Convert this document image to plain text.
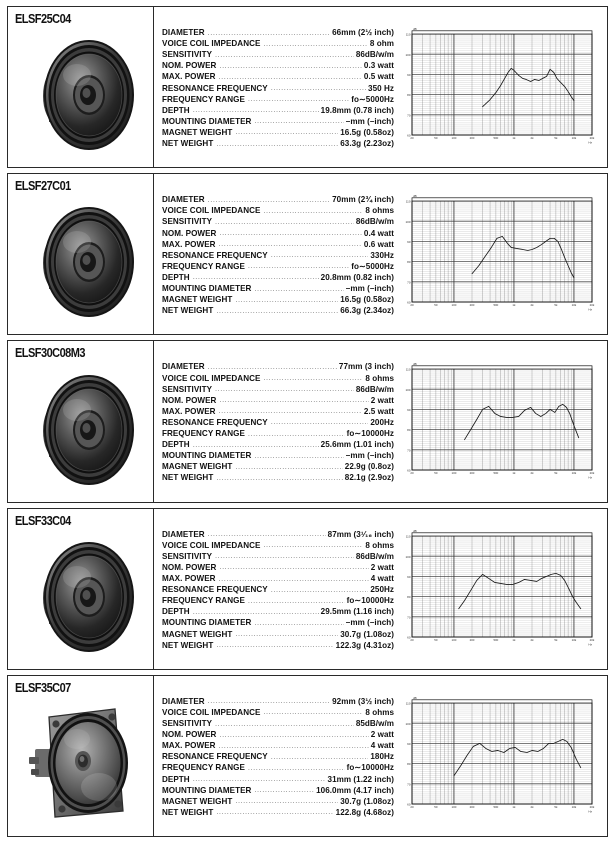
ELSF25C04
DIAMETER .....	66mm (2½ inch)
VOICE COIL IMPEDANCE .....	8 ohm
SENSITIVITY .....	86dB/w/m
NOM. POWER .....	0.3 watt
MAX. POWER .....	0.5 watt
RESONANCE FREQUENCY .....	350 Hz
FREQUENCY RANGE .....	fo∼5000Hz
DEPTH .....	19.8mm (0.78 inch)
MOUNTING DIAMETER .....	–mm (–inch)
MAGNET WEIGHT .....	16.5g (0.58oz)
NET WEIGHT .....	63.3g (2.23oz)
60
70
80
90
100
110
20	50	100	200	500	1k	2k	5k	10k	20k
dB
Hz
ELSF27C01
DIAMETER .....	70mm (2¾ inch)
VOICE COIL IMPEDANCE .....	8 ohms
SENSITIVITY .....	86dB/w/m
NOM. POWER .....	0.4 watt
MAX. POWER .....	0.6 watt
RESONANCE FREQUENCY .....	330Hz
FREQUENCY RANGE .....	fo∼5000Hz
DEPTH .....	20.8mm (0.82 inch)
MOUNTING DIAMETER .....	–mm (–inch)
MAGNET WEIGHT .....	16.5g (0.58oz)
NET WEIGHT .....	66.3g (2.34oz)
60
70
80
90
100
110
20	50	100	200	500	1k	2k	5k	10k	20k
dB
Hz
ELSF30C08M3
DIAMETER .....	77mm (3 inch)
VOICE COIL IMPEDANCE .....	8 ohms
SENSITIVITY .....	86dB/w/m
NOM. POWER .....	2 watt
MAX. POWER .....	2.5 watt
RESONANCE FREQUENCY .....	200Hz
FREQUENCY RANGE .....	fo∼10000Hz
DEPTH .....	25.6mm (1.01 inch)
MOUNTING DIAMETER .....	–mm (–inch)
MAGNET WEIGHT .....	22.9g (0.8oz)
NET WEIGHT .....	82.1g (2.9oz)
60
70
80
90
100
110
20	50	100	200	500	1k	2k	5k	10k	20k
dB
Hz
ELSF33C04
DIAMETER .....	87mm (3¹⁄₁₆ inch)
VOICE COIL IMPEDANCE .....	8 ohms
SENSITIVITY .....	86dB/w/m
NOM. POWER .....	2 watt
MAX. POWER .....	4 watt
RESONANCE FREQUENCY .....	250Hz
FREQUENCY RANGE .....	fo∼10000Hz
DEPTH .....	29.5mm (1.16 inch)
MOUNTING DIAMETER .....	–mm (–inch)
MAGNET WEIGHT .....	30.7g (1.08oz)
NET WEIGHT .....	122.3g (4.31oz)
60
70
80
90
100
110
20	50	100	200	500	1k	2k	5k	10k	20k
dB
Hz
ELSF35C07
DIAMETER .....	92mm (3½ inch)
VOICE COIL IMPEDANCE .....	8 ohms
SENSITIVITY .....	85dB/w/m
NOM. POWER .....	2 watt
MAX. POWER .....	4 watt
RESONANCE FREQUENCY .....	180Hz
FREQUENCY RANGE .....	fo∼10000Hz
DEPTH .....	31mm (1.22 inch)
MOUNTING DIAMETER .....	106.0mm (4.17 inch)
MAGNET WEIGHT .....	30.7g (1.08oz)
NET WEIGHT .....	122.8g (4.68oz)
60
70
80
90
100
110
20	50	100	200	500	1k	2k	5k	10k	20k
dB
Hz
